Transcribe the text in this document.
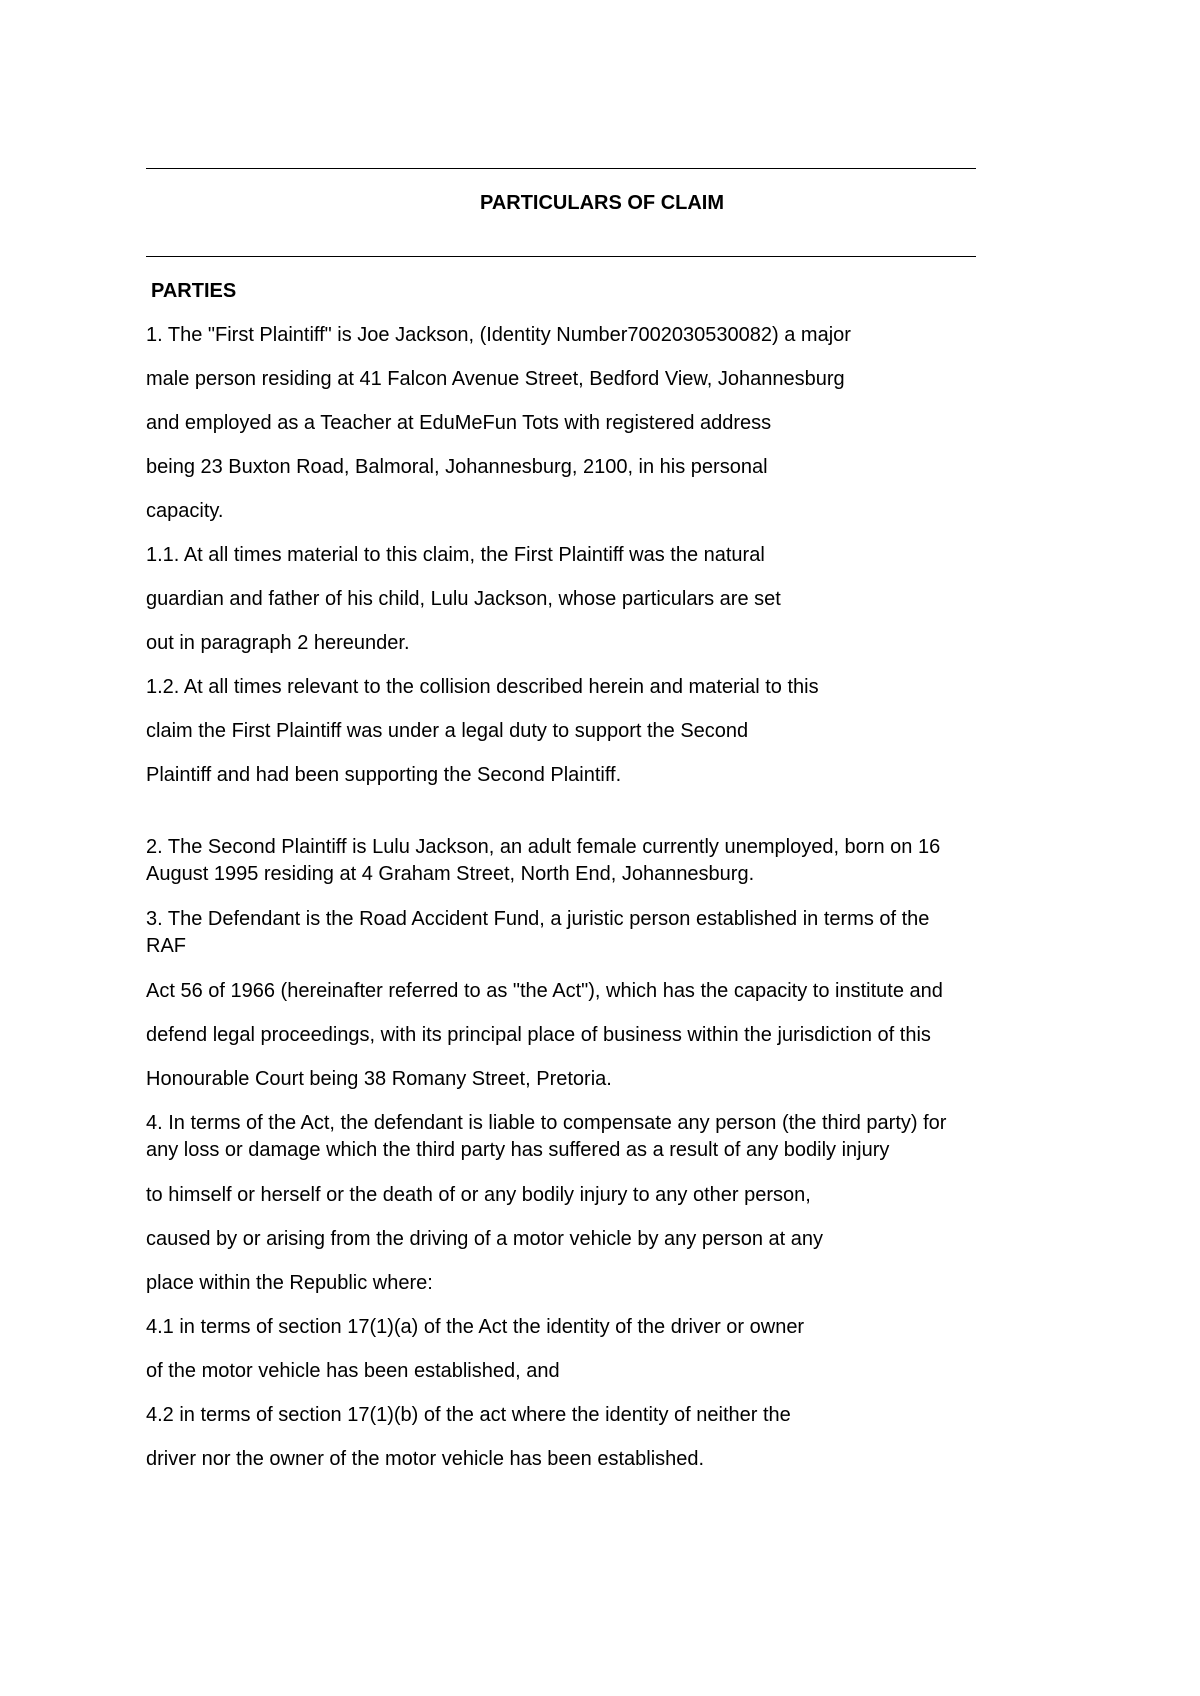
PARTICULARS OF CLAIM
PARTIES
1. The "First Plaintiff" is Joe Jackson, (Identity Number7002030530082) a major
male person residing at 41 Falcon Avenue Street, Bedford View, Johannesburg
and employed as a Teacher at EduMeFun Tots with registered address
being 23 Buxton Road, Balmoral, Johannesburg, 2100, in his personal
capacity.
1.1. At all times material to this claim, the First Plaintiff was the natural
guardian and father of his child, Lulu Jackson, whose particulars are set
out in paragraph 2 hereunder.
1.2. At all times relevant to the collision described herein and material to this
claim the First Plaintiff was under a legal duty to support the Second
Plaintiff and had been supporting the Second Plaintiff.
2. The Second Plaintiff is Lulu Jackson, an adult female currently unemployed, born on 16
August 1995 residing at 4 Graham Street, North End, Johannesburg.
3. The Defendant is the Road Accident Fund, a juristic person established in terms of the
RAF
Act 56 of 1966 (hereinafter referred to as "the Act"), which has the capacity to institute and
defend legal proceedings, with its principal place of business within the jurisdiction of this
Honourable Court being 38 Romany Street, Pretoria.
4. In terms of the Act, the defendant is liable to compensate any person (the third party) for
any loss or damage which the third party has suffered as a result of any bodily injury
to himself or herself or the death of or any bodily injury to any other person,
caused by or arising from the driving of a motor vehicle by any person at any
place within the Republic where:
4.1 in terms of section 17(1)(a) of the Act the identity of the driver or owner
of the motor vehicle has been established, and
4.2 in terms of section 17(1)(b) of the act where the identity of neither the
driver nor the owner of the motor vehicle has been established.
